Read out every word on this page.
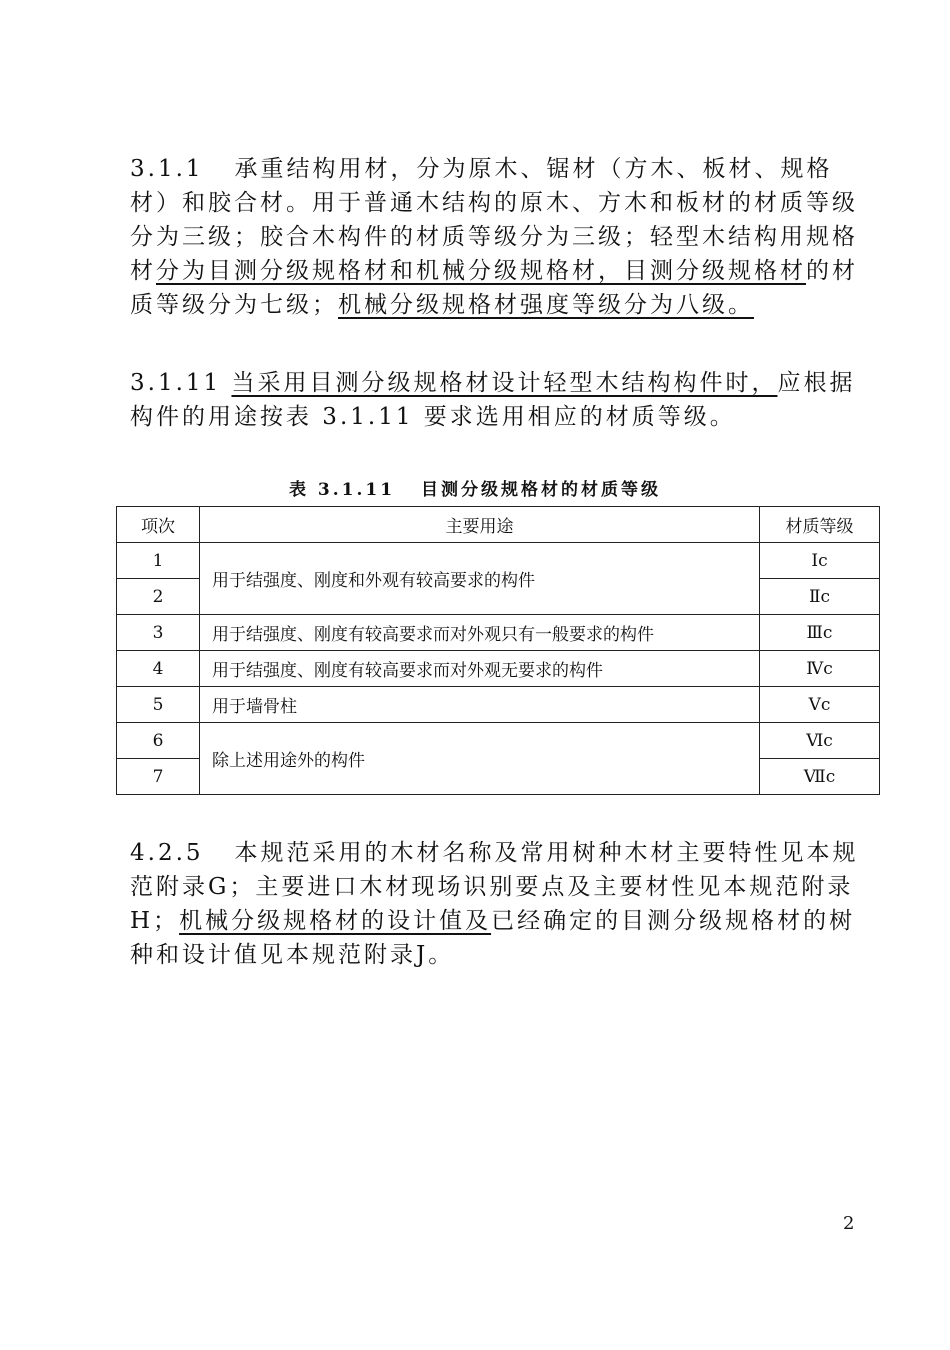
3.1.1 承重结构用材，分为原木、锯材（方木、板材、规格材）和胶合材。用于普通木结构的原木、方木和板材的材质等级分为三级；胶合木构件的材质等级分为三级；轻型木结构用规格材分为目测分级规格材和机械分级规格材，目测分级规格材的材质等级分为七级；机械分级规格材强度等级分为八级。
3.1.11 当采用目测分级规格材设计轻型木结构构件时，应根据构件的用途按表 3.1.11 要求选用相应的材质等级。
表 3.1.11 目测分级规格材的材质等级
项次	主要用途	材质等级
1	用于结强度、刚度和外观有较高要求的构件	Ⅰc
2		Ⅱc
3	用于结强度、刚度有较高要求而对外观只有一般要求的构件	Ⅲc
4	用于结强度、刚度有较高要求而对外观无要求的构件	Ⅳc
5	用于墙骨柱	Ⅴc
6	除上述用途外的构件	Ⅵc
7		Ⅶc
4.2.5 本规范采用的木材名称及常用树种木材主要特性见本规范附录G；主要进口木材现场识别要点及主要材性见本规范附录H；机械分级规格材的设计值及已经确定的目测分级规格材的树种和设计值见本规范附录J。
2
